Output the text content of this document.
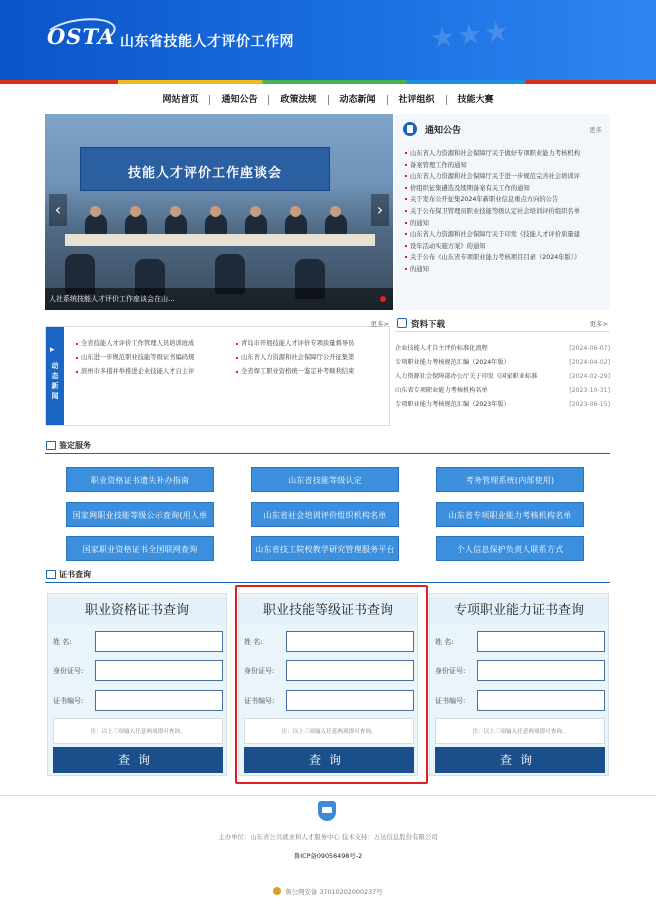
OSTA 山东省技能人才评价工作网	★★★
网站首页	通知公告	政策法规	动态新闻	社评组织	技能大赛
技能人才评价工作座谈会
‹	›
人社系统技能人才评价工作座谈会在山...
通知公告	更多
山东省人力资源和社会保障厅关于做好专项职业能力考核机构
备案管理工作的通知
山东省人力资源和社会保障厅关于进一步规范完善社会培训评
价组织征集遴选及续期备案有关工作的通知
关于发布公开征集2024年新职业信息重点方向的公告
关于公布保卫管理员职业技能等级认定社会培训评价组织名单
的通知
山东省人力资源和社会保障厅关于印发《技能人才评价质量建
设年活动实施方案》的通知
关于公布《山东省专项职业能力考核项目目录（2024年版）》
的通知
▸
动态新闻
更多>
全省技能人才评价工作管理人员培训班成
山东进一步规范职业技能等级证书编码规
滨州市多措并举推进企业技能人才自主评
青岛市开展技能人才评价专项质量督导员
山东省人力资源和社会保障厅公开征集第
全省焊工职业资格统一鉴定补考顺利结束
资料下载	更多>
企业技能人才自主评价标准化流程	[2024-06-07]
专项职业能力考核规范汇编（2024年版）	[2024-04-02]
人力资源社会保障部办公厅关于印发《国家职业标准	[2024-02-29]
山东省专项职业能力考核机构名单	[2023-10-31]
专项职业能力考核规范汇编（2023年版）	[2023-06-15]
鉴定服务
职业资格证书遗失补办指南	山东省技能等级认定	考务管理系统(内部使用)
国家网职业技能等级公示查询(用人单	山东省社会培训评价组织机构名单	山东省专项职业能力考核机构名单
国家职业资格证书全国联网查询	山东省技工院校教学研究管理服务平台	个人信息保护负责人联系方式
证书查询
职业资格证书查询
姓 名:
身份证号:
证书编号:
注：以上三项输入任意两项即可查询。
查询
职业技能等级证书查询
姓 名:
身份证号:
证书编号:
注：以上三项输入任意两项即可查询。
查询
专项职业能力证书查询
姓 名:
身份证号:
证书编号:
注：以上三项输入任意两项即可查询。
查询
主办单位：山东省公共就业和人才服务中心 技术支持：万达信息股份有限公司
鲁ICP备09056498号-2
鲁公网安备 37010202000237号
